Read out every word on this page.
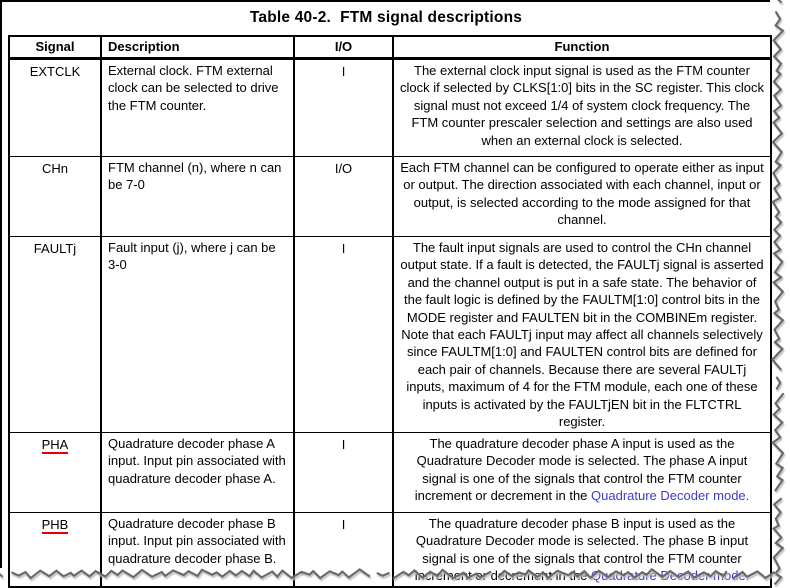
Table 40-2.  FTM signal descriptions
Signal	Description	I/O	Function
EXTCLK	External clock. FTM external clock can be selected to drive the FTM counter.	I	The external clock input signal is used as the FTM counter clock if selected by CLKS[1:0] bits in the SC register. This clock signal must not exceed 1/4 of system clock frequency. The FTM counter prescaler selection and settings are also used when an external clock is selected.
CHn	FTM channel (n), where n can be 7-0	I/O	Each FTM channel can be configured to operate either as input or output. The direction associated with each channel, input or output, is selected according to the mode assigned for that channel.
FAULTj	Fault input (j), where j can be 3-0	I	The fault input signals are used to control the CHn channel output state. If a fault is detected, the FAULTj signal is asserted and the channel output is put in a safe state. The behavior of the fault logic is defined by the FAULTM[1:0] control bits in the MODE register and FAULTEN bit in the COMBINEm register. Note that each FAULTj input may affect all channels selectively since FAULTM[1:0] and FAULTEN control bits are defined for each pair of channels. Because there are several FAULTj inputs, maximum of 4 for the FTM module, each one of these inputs is activated by the FAULTjEN bit in the FLTCTRL register.
PHA	Quadrature decoder phase A input. Input pin associated with quadrature decoder phase A.	I	The quadrature decoder phase A input is used as the Quadrature Decoder mode is selected. The phase A input signal is one of the signals that control the FTM counter increment or decrement in the Quadrature Decoder mode.
PHB	Quadrature decoder phase B input. Input pin associated with quadrature decoder phase B.	I	The quadrature decoder phase B input is used as the Quadrature Decoder mode is selected. The phase B input signal is one of the signals that control the FTM counter increment or decrement in the Quadrature Decoder mode.
